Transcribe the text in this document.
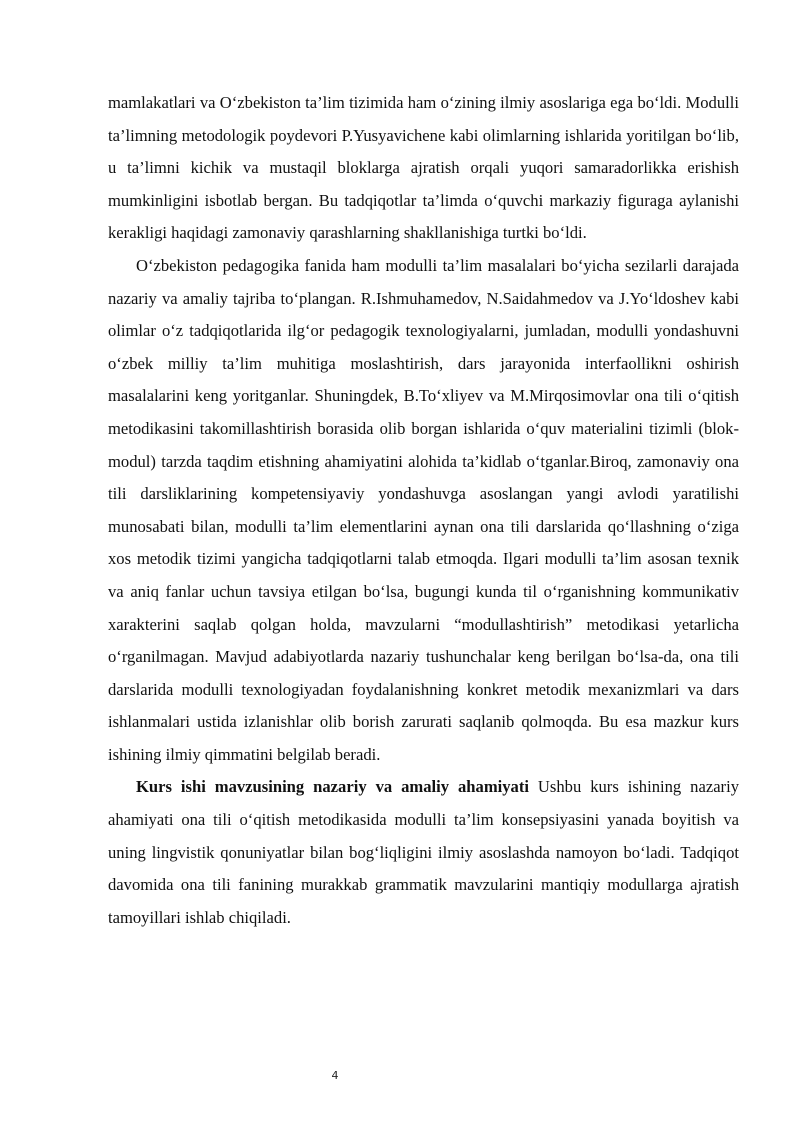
mamlakatlari va O‘zbekiston ta’lim tizimida ham o‘zining ilmiy asoslariga ega bo‘ldi. Modulli ta’limning metodologik poydevori P.Yusyavichene kabi olimlarning ishlarida yoritilgan bo‘lib, u ta’limni kichik va mustaqil bloklarga ajratish orqali yuqori samaradorlikka erishish mumkinligini isbotlab bergan. Bu tadqiqotlar ta’limda o‘quvchi markaziy figuraga aylanishi kerakligi haqidagi zamonaviy qarashlarning shakllanishiga turtki bo‘ldi.

O‘zbekiston pedagogika fanida ham modulli ta’lim masalalari bo‘yicha sezilarli darajada nazariy va amaliy tajriba to‘plangan. R.Ishmuhamedov, N.Saidahmedov va J.Yo‘ldoshev kabi olimlar o‘z tadqiqotlarida ilg‘or pedagogik texnologiyalarni, jumladan, modulli yondashuvni o‘zbek milliy ta’lim muhitiga moslashtirish, dars jarayonida interfaollikni oshirish masalalarini keng yoritganlar. Shuningdek, B.To‘xliyev va M.Mirqosimovlar ona tili o‘qitish metodikasini takomillashtirish borasida olib borgan ishlarida o‘quv materialini tizimli (blok-modul) tarzda taqdim etishning ahamiyatini alohida ta’kidlab o‘tganlar.Biroq, zamonaviy ona tili darsliklarining kompetensiyaviy yondashuvga asoslangan yangi avlodi yaratilishi munosabati bilan, modulli ta’lim elementlarini aynan ona tili darslarida qo‘llashning o‘ziga xos metodik tizimi yangicha tadqiqotlarni talab etmoqda. Ilgari modulli ta’lim asosan texnik va aniq fanlar uchun tavsiya etilgan bo‘lsa, bugungi kunda til o‘rganishning kommunikativ xarakterini saqlab qolgan holda, mavzularni “modullashtirish” metodikasi yetarlicha o‘rganilmagan. Mavjud adabiyotlarda nazariy tushunchalar keng berilgan bo‘lsa-da, ona tili darslarida modulli texnologiyadan foydalanishning konkret metodik mexanizmlari va dars ishlanmalari ustida izlanishlar olib borish zarurati saqlanib qolmoqda. Bu esa mazkur kurs ishining ilmiy qimmatini belgilab beradi.

Kurs ishi mavzusining nazariy va amaliy ahamiyati Ushbu kurs ishining nazariy ahamiyati ona tili o‘qitish metodikasida modulli ta’lim konsepsiyasini yanada boyitish va uning lingvistik qonuniyatlar bilan bog‘liqligini ilmiy asoslashda namoyon bo‘ladi. Tadqiqot davomida ona tili fanining murakkab grammatik mavzularini mantiqiy modullarga ajratish tamoyillari ishlab chiqiladi.

4
